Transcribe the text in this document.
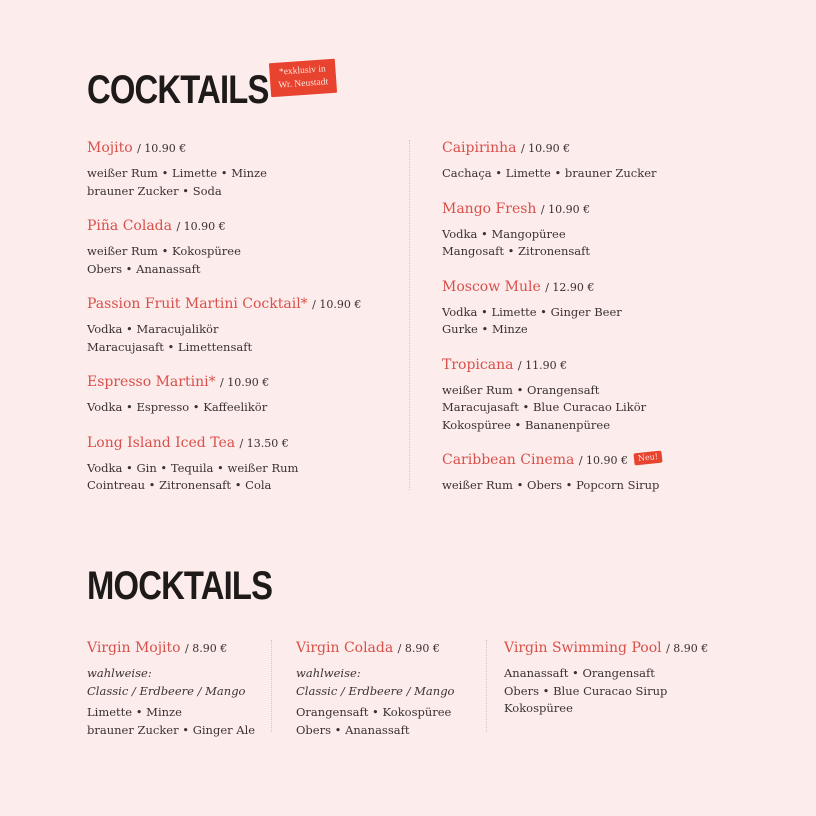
COCKTAILS *exklusiv in
Wr. Neustadt
Mojito / 10.90 €
weißer Rum • Limette • Minze
brauner Zucker • Soda
Piña Colada / 10.90 €
weißer Rum • Kokospüree
Obers • Ananassaft
Passion Fruit Martini Cocktail* / 10.90 €
Vodka • Maracujalikör
Maracujasaft • Limettensaft
Espresso Martini* / 10.90 €
Vodka • Espresso • Kaffeelikör
Long Island Iced Tea / 13.50 €
Vodka • Gin • Tequila • weißer Rum
Cointreau • Zitronensaft • Cola
Caipirinha / 10.90 €
Cachaça • Limette • brauner Zucker
Mango Fresh / 10.90 €
Vodka • Mangopüree
Mangosaft • Zitronensaft
Moscow Mule / 12.90 €
Vodka • Limette • Ginger Beer
Gurke • Minze
Tropicana / 11.90 €
weißer Rum • Orangensaft
Maracujasaft • Blue Curacao Likör
Kokospüree • Bananenpüree
Caribbean Cinema / 10.90 € Neu!
weißer Rum • Obers • Popcorn Sirup
MOCKTAILS
Virgin Mojito / 8.90 €
wahlweise:
Classic / Erdbeere / Mango
Limette • Minze
brauner Zucker • Ginger Ale
Virgin Colada / 8.90 €
wahlweise:
Classic / Erdbeere / Mango
Orangensaft • Kokospüree
Obers • Ananassaft
Virgin Swimming Pool / 8.90 €
Ananassaft • Orangensaft
Obers • Blue Curacao Sirup
Kokospüree
